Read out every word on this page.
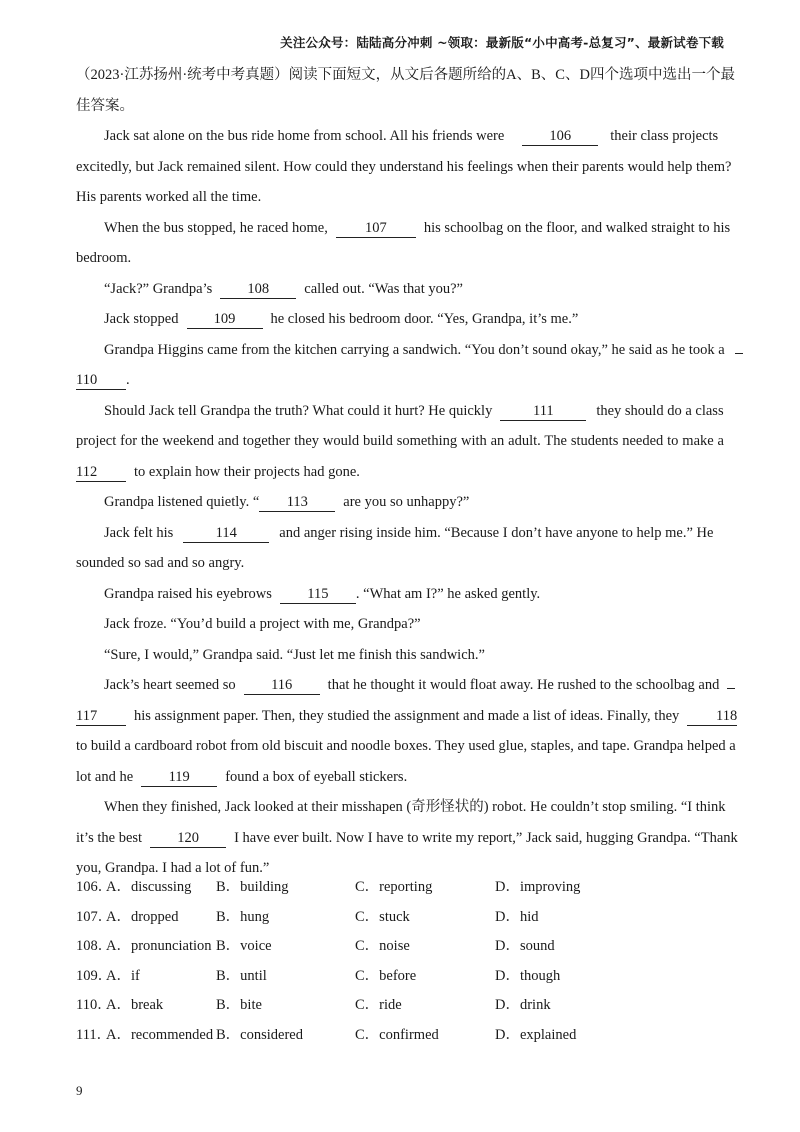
关注公众号：陆陆高分冲刺 ~领取：最新版“小中高考-总复习”、最新试卷下载
（2023·江苏扬州·统考中考真题）阅读下面短文，从文后各题所给的A、B、C、D四个选项中选出一个最
佳答案。
Jack sat alone on the bus ride home from school. All his friends were	106	their class projects
excitedly, but Jack remained silent. How could they understand his feelings when their parents would help them?
His parents worked all the time.
When the bus stopped, he raced home,	107	his schoolbag on the floor, and walked straight to his
bedroom.
“Jack?” Grandpa’s 108 called out. “Was that you?”
Jack stopped 109 he closed his bedroom door. “Yes, Grandpa, it’s me.”
Grandpa Higgins came from the kitchen carrying a sandwich. “You don’t sound okay,” he said as he took a
110 .
Should Jack tell Grandpa the truth? What could it hurt? He quickly	111	they should do a class
project for the weekend and together they would build something with an adult. The students needed to make a
112	to explain how their projects had gone.
Grandpa listened quietly. “ 113 are you so unhappy?”
Jack felt his	114	and anger rising inside him. “Because I don’t have anyone to help me.” He
sounded so sad and so angry.
Grandpa raised his eyebrows 115 . “What am I?” he asked gently.
Jack froze. “You’d build a project with me, Grandpa?”
“Sure, I would,” Grandpa said. “Just let me finish this sandwich.”
Jack’s heart seemed so 116 that he thought it would float away. He rushed to the schoolbag and
117	his assignment paper. Then, they studied the assignment and made a list of ideas. Finally, they	118
to build a cardboard robot from old biscuit and noodle boxes. They used glue, staples, and tape. Grandpa helped a
lot and he 119 found a box of eyeball stickers.
When they finished, Jack looked at their misshapen (奇形怪状的) robot. He couldn’t stop smiling. “I think
it’s the best 120 I have ever built. Now I have to write my report,” Jack said, hugging Grandpa. “Thank
you, Grandpa. I had a lot of fun.”
106．
A．discussing B．building	C．reporting	D．improving
107．
A．dropped	B．hung	C．stuck	D．hid
108．
A．pronunciation B．voice	C．noise	D．sound
109．
A．if	B．until	C．before	D．though
110．
A．break	B．bite	C．ride	D．drink
111．
A．recommended B．considered	C．confirmed	D．explained
9
